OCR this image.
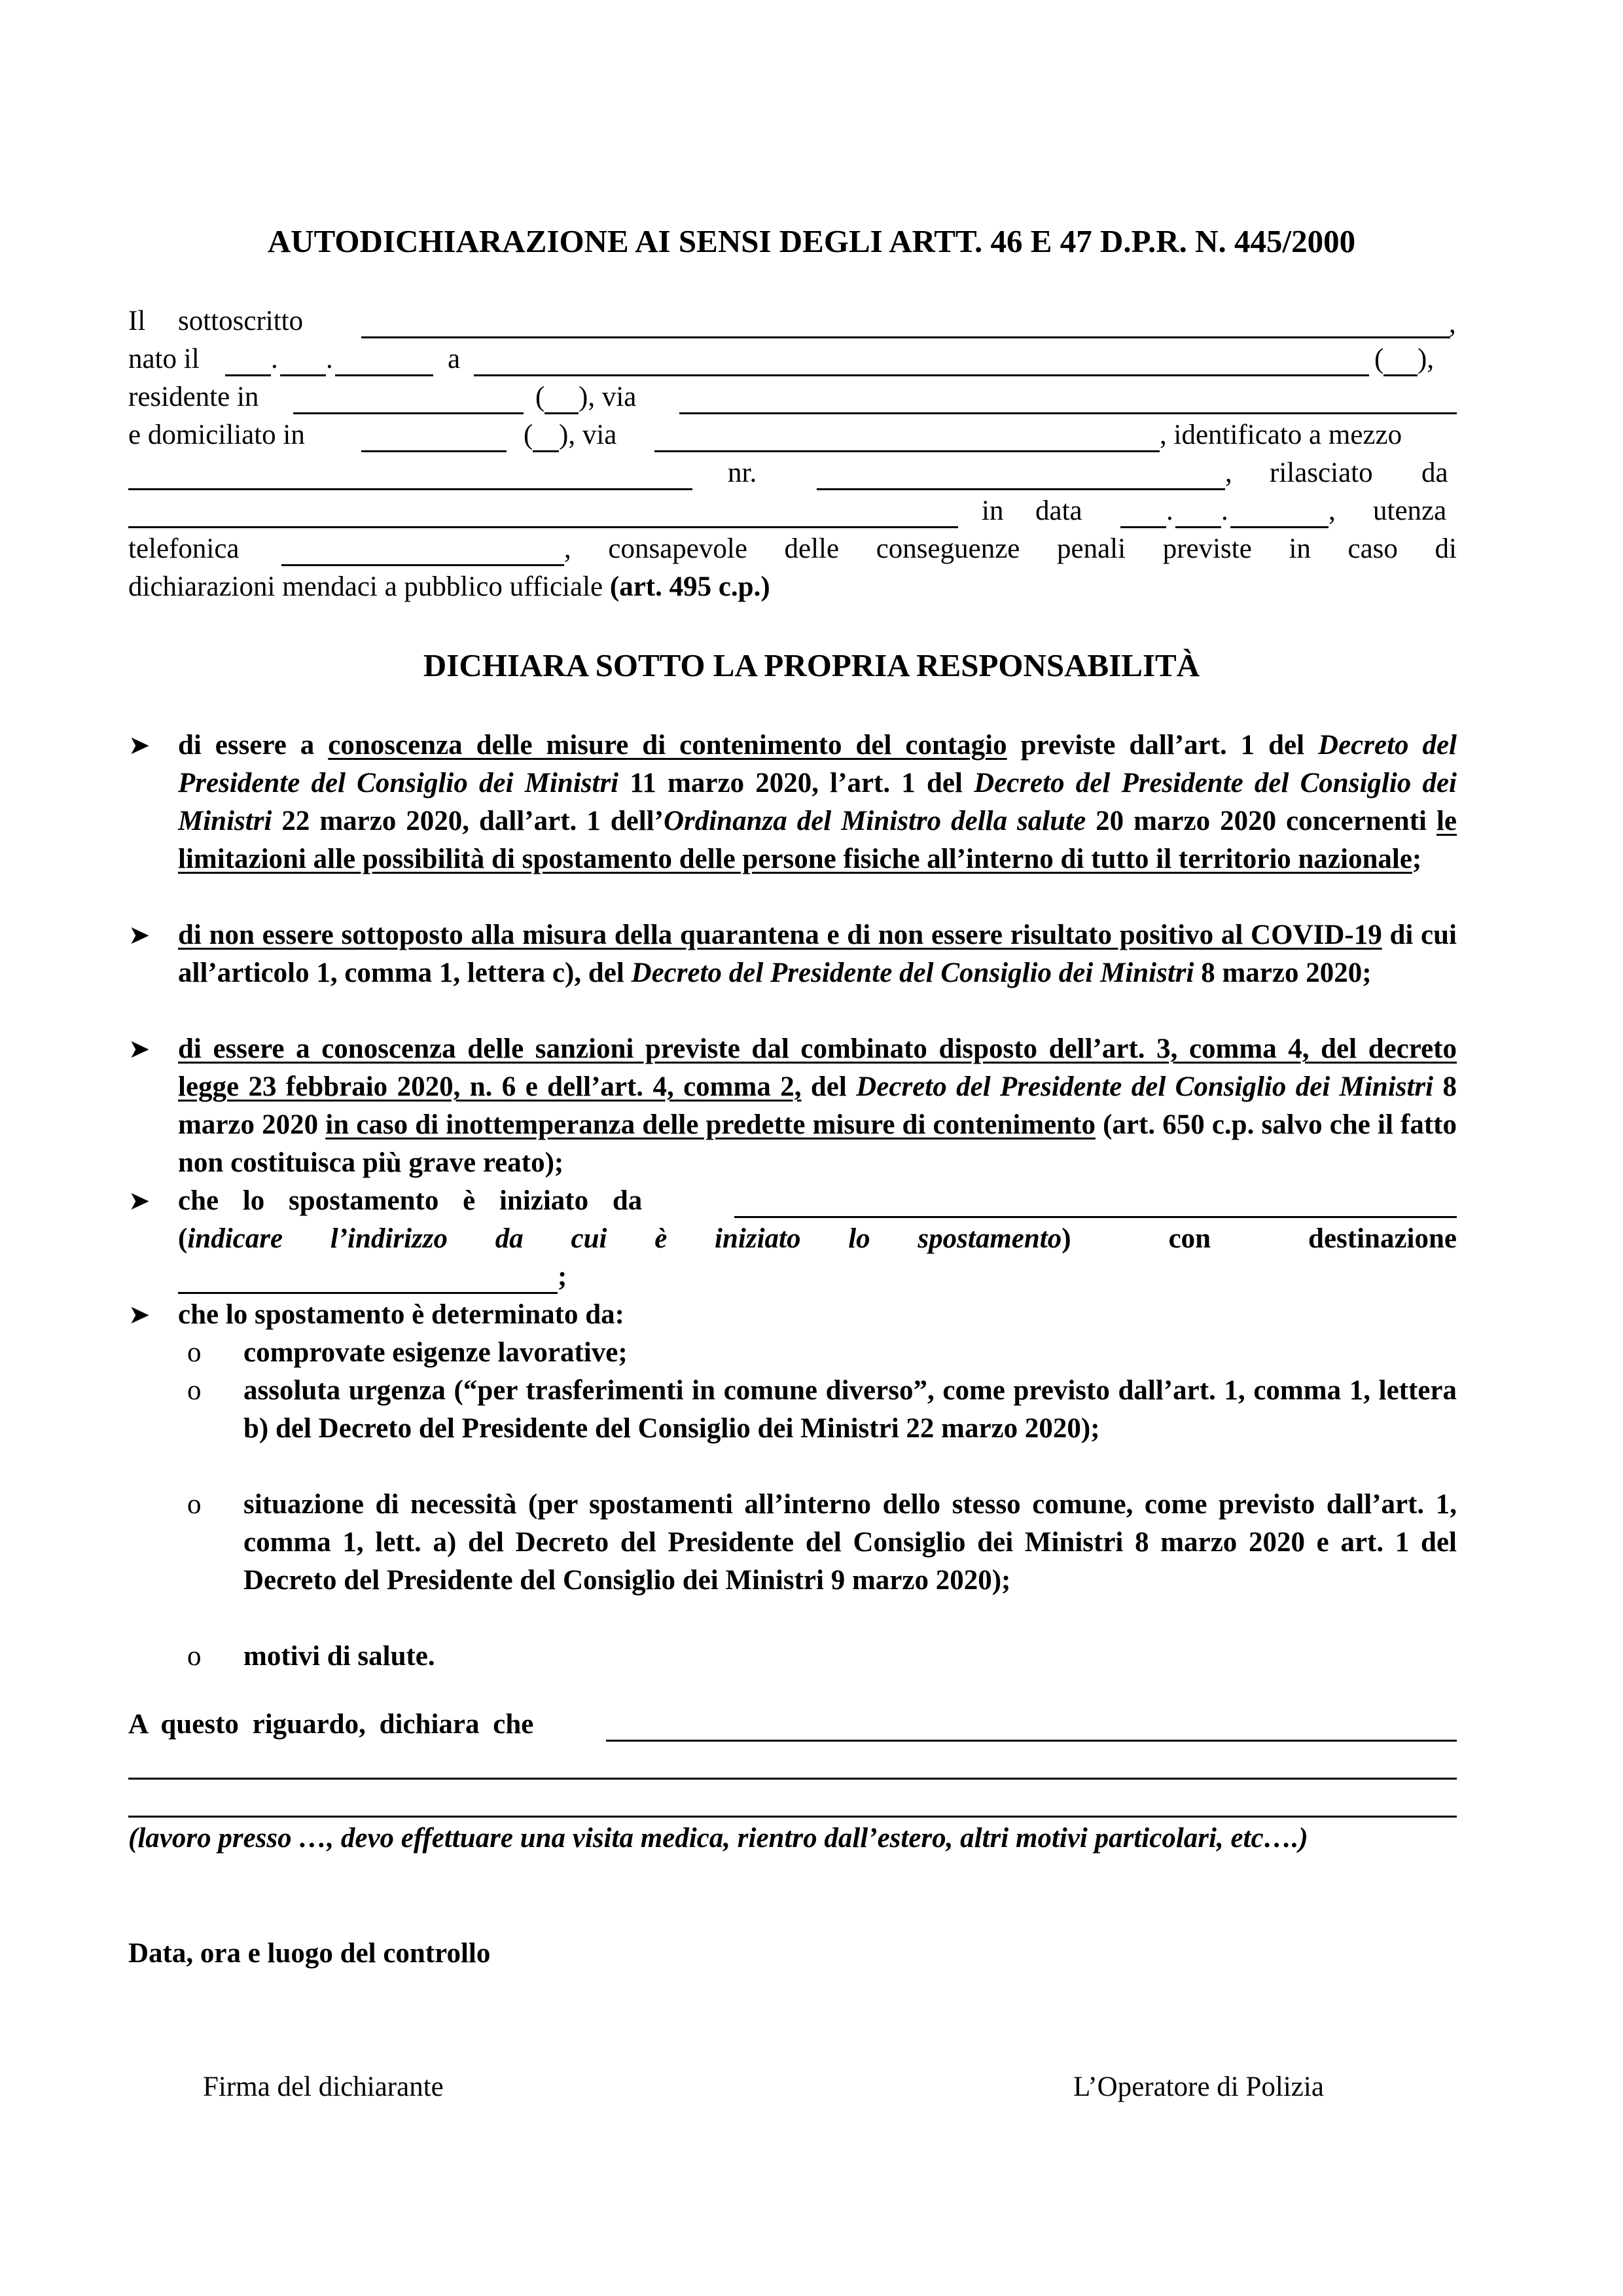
AUTODICHIARAZIONE AI SENSI DEGLI ARTT. 46 E 47 D.P.R. N. 445/2000
Il sottoscritto	,
nato il	. .	a	( ),
residente in	( ), via
e domiciliato in	( ), via	, identificato a mezzo
nr.	, rilasciato da
in data	. .	, utenza
telefonica	, consapevole delle conseguenze penali previste in caso di
dichiarazioni mendaci a pubblico ufficiale (art. 495 c.p.)
DICHIARA SOTTO LA PROPRIA RESPONSABILITÀ
➤ di essere a conoscenza delle misure di contenimento del contagio previste dall’art. 1 del Decreto del Presidente del Consiglio dei Ministri 11 marzo 2020, l’art. 1 del Decreto del Presidente del Consiglio dei Ministri 22 marzo 2020, dall’art. 1 dell’Ordinanza del Ministro della salute 20 marzo 2020 concernenti le limitazioni alle possibilità di spostamento delle persone fisiche all’interno di tutto il territorio nazionale;
➤ di non essere sottoposto alla misura della quarantena e di non essere risultato positivo al COVID-19 di cui all’articolo 1, comma 1, lettera c), del Decreto del Presidente del Consiglio dei Ministri 8 marzo 2020;
➤ di essere a conoscenza delle sanzioni previste dal combinato disposto dell’art. 3, comma 4, del decreto legge 23 febbraio 2020, n. 6 e dell’art. 4, comma 2, del Decreto del Presidente del Consiglio dei Ministri 8 marzo 2020 in caso di inottemperanza delle predette misure di contenimento (art. 650 c.p. salvo che il fatto non costituisca più grave reato);
➤ che lo spostamento è iniziato da
(indicare l’indirizzo da cui è iniziato lo spostamento)	con	destinazione
;
➤ che lo spostamento è determinato da:
o comprovate esigenze lavorative;
o assoluta urgenza (“per trasferimenti in comune diverso”, come previsto dall’art. 1, comma 1, lettera b) del Decreto del Presidente del Consiglio dei Ministri 22 marzo 2020);
o situazione di necessità (per spostamenti all’interno dello stesso comune, come previsto dall’art. 1, comma 1, lett. a) del Decreto del Presidente del Consiglio dei Ministri 8 marzo 2020 e art. 1 del Decreto del Presidente del Consiglio dei Ministri 9 marzo 2020);
o motivi di salute.
A questo riguardo, dichiara che
(lavoro presso …, devo effettuare una visita medica, rientro dall’estero, altri motivi particolari, etc….)
Data, ora e luogo del controllo
Firma del dichiarante	L’Operatore di Polizia
